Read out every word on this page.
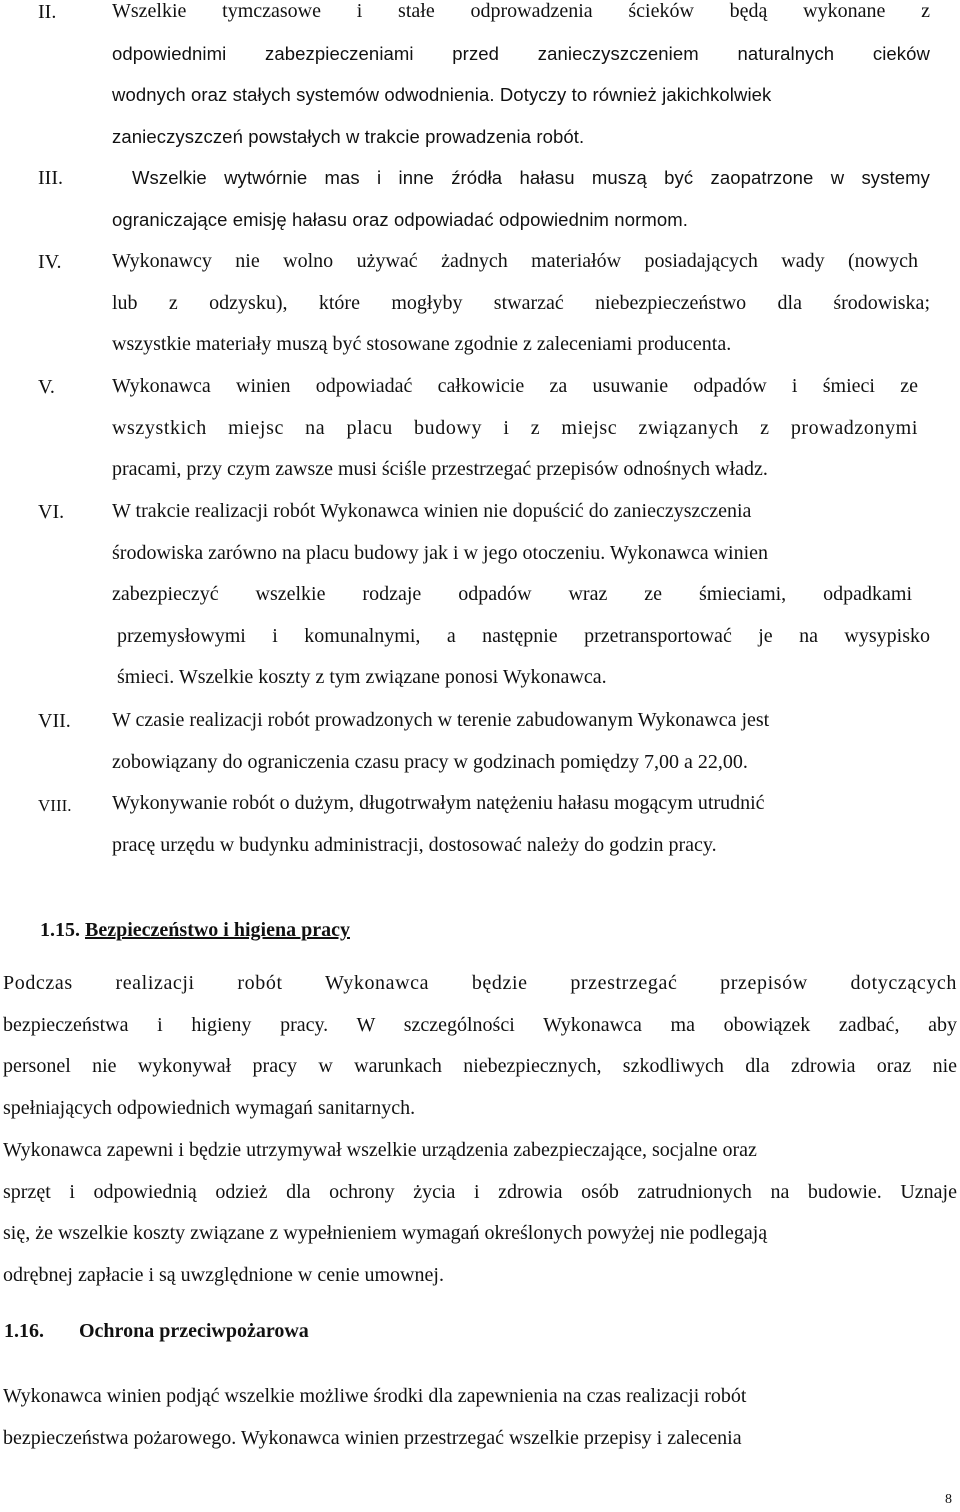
II.	Wszelkie tymczasowe i stałe odprowadzenia ścieków będą wykonane z
odpowiednimi zabezpieczeniami przed zanieczyszczeniem naturalnych cieków
wodnych oraz stałych systemów odwodnienia. Dotyczy to również jakichkolwiek
zanieczyszczeń powstałych w trakcie prowadzenia robót.
III.	Wszelkie wytwórnie mas i inne źródła hałasu muszą być zaopatrzone w systemy
ograniczające emisję hałasu oraz odpowiadać odpowiednim normom.
IV.	Wykonawcy nie wolno używać żadnych materiałów posiadających wady (nowych
lub z odzysku), które mogłyby stwarzać niebezpieczeństwo dla środowiska;
wszystkie materiały muszą być stosowane zgodnie z zaleceniami producenta.
V.	Wykonawca winien odpowiadać całkowicie za usuwanie odpadów i śmieci ze
wszystkich miejsc na placu budowy i z miejsc związanych z prowadzonymi
pracami, przy czym zawsze musi ściśle przestrzegać przepisów odnośnych władz.
VI. W trakcie realizacji robót Wykonawca winien nie dopuścić do zanieczyszczenia
środowiska zarówno na placu budowy jak i w jego otoczeniu. Wykonawca winien
zabezpieczyć wszelkie rodzaje odpadów wraz ze śmieciami, odpadkami
przemysłowymi i komunalnymi, a następnie przetransportować je na wysypisko
śmieci. Wszelkie koszty z tym związane ponosi Wykonawca.
VII. W czasie realizacji robót prowadzonych w terenie zabudowanym Wykonawca jest
zobowiązany do ograniczenia czasu pracy w godzinach pomiędzy 7,00 a 22,00.
VIII. Wykonywanie robót o dużym, długotrwałym natężeniu hałasu mogącym utrudnić
pracę urzędu w budynku administracji, dostosować należy do godzin pracy.
1.15. Bezpieczeństwo i higiena pracy
Podczas realizacji robót Wykonawca będzie przestrzegać przepisów dotyczących
bezpieczeństwa i higieny pracy. W szczególności Wykonawca ma obowiązek zadbać, aby
personel nie wykonywał pracy w warunkach niebezpiecznych, szkodliwych dla zdrowia oraz nie
spełniających odpowiednich wymagań sanitarnych.
Wykonawca zapewni i będzie utrzymywał wszelkie urządzenia zabezpieczające, socjalne oraz
sprzęt i odpowiednią odzież dla ochrony życia i zdrowia osób zatrudnionych na budowie. Uznaje
się, że wszelkie koszty związane z wypełnieniem wymagań określonych powyżej nie podlegają
odrębnej zapłacie i są uwzględnione w cenie umownej.
1.16. Ochrona przeciwpożarowa
Wykonawca winien podjąć wszelkie możliwe środki dla zapewnienia na czas realizacji robót
bezpieczeństwa pożarowego. Wykonawca winien przestrzegać wszelkie przepisy i zalecenia
8
